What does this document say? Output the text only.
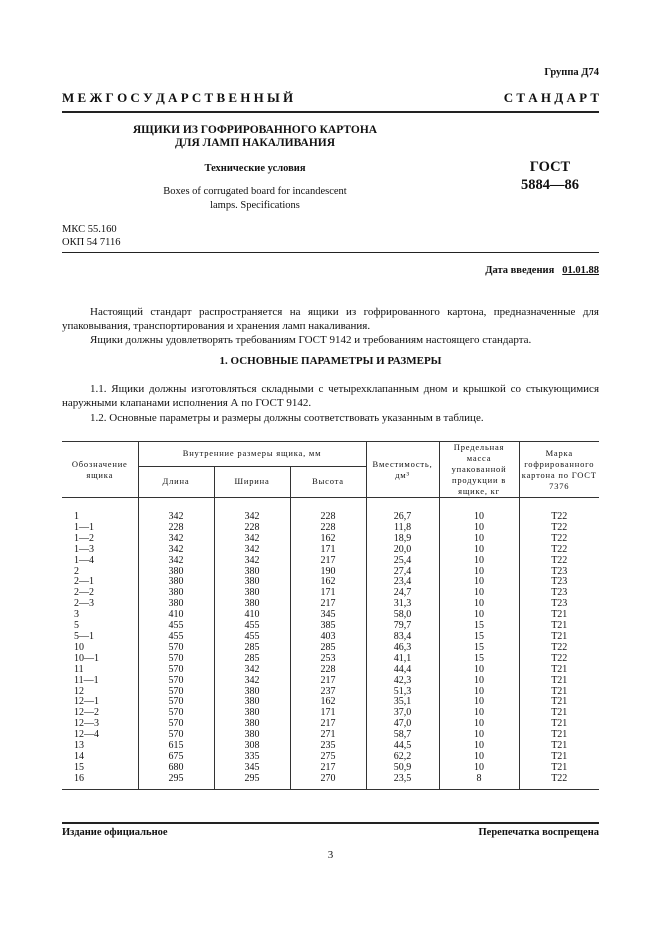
Группа Д74
М Е Ж Г О С У Д А Р С Т В Е Н Н Ы Й	С Т А Н Д А Р Т
ЯЩИКИ ИЗ ГОФРИРОВАННОГО КАРТОНА
ДЛЯ ЛАМП НАКАЛИВАНИЯ
Технические условия
Boxes of corrugated board for incandescent
lamps. Specifications
ГОСТ
5884—86
МКС 55.160
ОКП 54 7116
Дата введения 01.01.88
Настоящий стандарт распространяется на ящики из гофрированного картона, предназначенные для упаковывания, транспортирования и хранения ламп накаливания.
Ящики должны удовлетворять требованиям ГОСТ 9142 и требованиям настоящего стандарта.
1. ОСНОВНЫЕ ПАРАМЕТРЫ И РАЗМЕРЫ
1.1. Ящики должны изготовляться складными с четырехклапанным дном и крышкой со стыкующимися наружными клапанами исполнения А по ГОСТ 9142.
1.2. Основные параметры и размеры должны соответствовать указанным в таблице.
Обозначение ящика	Внутренние размеры ящика, мм			Вместимость, дм³	Предельная масса упакованной продукции в ящике, кг	Марка гофрированного картона по ГОСТ 7376
	Длина	Ширина	Высота			
1	342	342	228	26,7	10	Т22
1—1	228	228	228	11,8	10	Т22
1—2	342	342	162	18,9	10	Т22
1—3	342	342	171	20,0	10	Т22
1—4	342	342	217	25,4	10	Т22
2	380	380	190	27,4	10	Т23
2—1	380	380	162	23,4	10	Т23
2—2	380	380	171	24,7	10	Т23
2—3	380	380	217	31,3	10	Т23
3	410	410	345	58,0	10	Т21
5	455	455	385	79,7	15	Т21
5—1	455	455	403	83,4	15	Т21
10	570	285	285	46,3	15	Т22
10—1	570	285	253	41,1	15	Т22
11	570	342	228	44,4	10	Т21
11—1	570	342	217	42,3	10	Т21
12	570	380	237	51,3	10	Т21
12—1	570	380	162	35,1	10	Т21
12—2	570	380	171	37,0	10	Т21
12—3	570	380	217	47,0	10	Т21
12—4	570	380	271	58,7	10	Т21
13	615	308	235	44,5	10	Т21
14	675	335	275	62,2	10	Т21
15	680	345	217	50,9	10	Т21
16	295	295	270	23,5	8	Т22
Издание официальное	Перепечатка воспрещена
3
